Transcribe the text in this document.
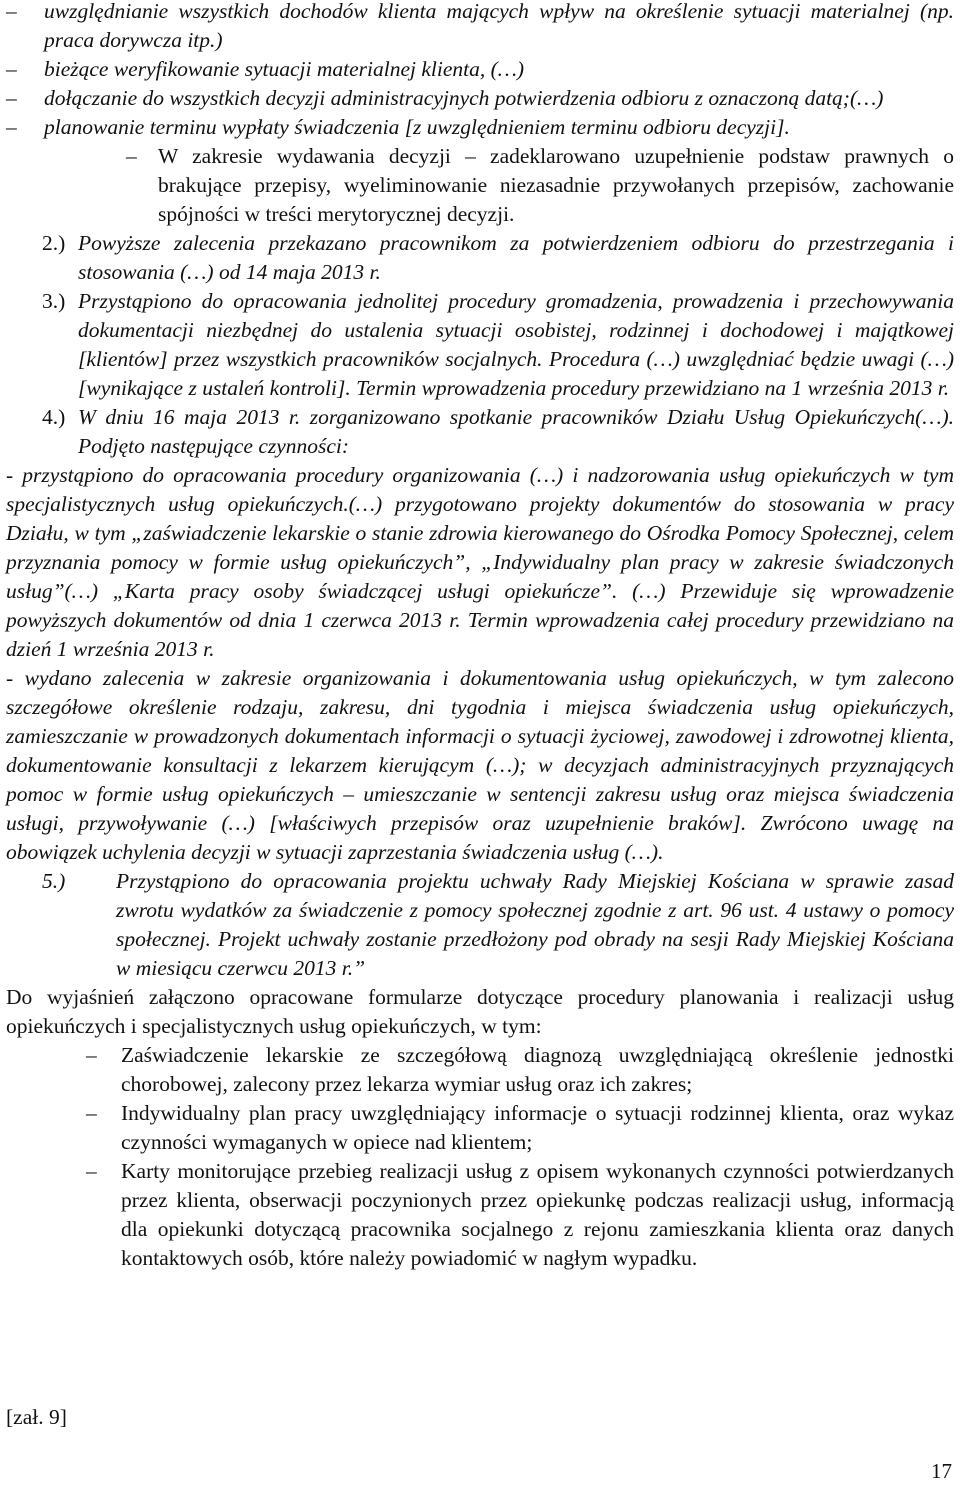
– uwzględnianie wszystkich dochodów klienta mających wpływ na określenie sytuacji materialnej (np. praca dorywcza itp.)

– bieżące weryfikowanie sytuacji materialnej klienta, (…)

– dołączanie do wszystkich decyzji administracyjnych potwierdzenia odbioru z oznaczoną datą;(…)

– planowanie terminu wypłaty świadczenia [z uwzględnieniem terminu odbioru decyzji].

– W zakresie wydawania decyzji – zadeklarowano uzupełnienie podstaw prawnych o brakujące przepisy, wyeliminowanie niezasadnie przywołanych przepisów, zachowanie spójności w treści merytorycznej decyzji.

2.) Powyższe zalecenia przekazano pracownikom za potwierdzeniem odbioru do przestrzegania i stosowania (…) od 14 maja 2013 r.

3.) Przystąpiono do opracowania jednolitej procedury gromadzenia, prowadzenia i przechowywania dokumentacji niezbędnej do ustalenia sytuacji osobistej, rodzinnej i dochodowej i majątkowej [klientów] przez wszystkich pracowników socjalnych. Procedura (…) uwzględniać będzie uwagi (…) [wynikające z ustaleń kontroli]. Termin wprowadzenia procedury przewidziano na 1 września 2013 r.

4.) W dniu 16 maja 2013 r. zorganizowano spotkanie pracowników Działu Usług Opiekuńczych(…). Podjęto następujące czynności:

- przystąpiono do opracowania procedury organizowania (…) i nadzorowania usług opiekuńczych w tym specjalistycznych usług opiekuńczych.(…) przygotowano projekty dokumentów do stosowania w pracy Działu, w tym „zaświadczenie lekarskie o stanie zdrowia kierowanego do Ośrodka Pomocy Społecznej, celem przyznania pomocy w formie usług opiekuńczych”, „Indywidualny plan pracy w zakresie świadczonych usług”(…) „Karta pracy osoby świadczącej usługi opiekuńcze”. (…) Przewiduje się wprowadzenie powyższych dokumentów od dnia 1 czerwca 2013 r. Termin wprowadzenia całej procedury przewidziano na dzień 1 września 2013 r.

- wydano zalecenia w zakresie organizowania i dokumentowania usług opiekuńczych, w tym zalecono szczegółowe określenie rodzaju, zakresu, dni tygodnia i miejsca świadczenia usług opiekuńczych, zamieszczanie w prowadzonych dokumentach informacji o sytuacji życiowej, zawodowej i zdrowotnej klienta, dokumentowanie konsultacji z lekarzem kierującym (…); w decyzjach administracyjnych przyznających pomoc w formie usług opiekuńczych – umieszczanie w sentencji zakresu usług oraz miejsca świadczenia usługi, przywoływanie (…) [właściwych przepisów oraz uzupełnienie braków]. Zwrócono uwagę na obowiązek uchylenia decyzji w sytuacji zaprzestania świadczenia usług (…).

5.) Przystąpiono do opracowania projektu uchwały Rady Miejskiej Kościana w sprawie zasad zwrotu wydatków za świadczenie z pomocy społecznej zgodnie z art. 96 ust. 4 ustawy o pomocy społecznej. Projekt uchwały zostanie przedłożony pod obrady na sesji Rady Miejskiej Kościana w miesiącu czerwcu 2013 r.”

Do wyjaśnień załączono opracowane formularze dotyczące procedury planowania i realizacji usług opiekuńczych i specjalistycznych usług opiekuńczych, w tym:

– Zaświadczenie lekarskie ze szczegółową diagnozą uwzględniającą określenie jednostki chorobowej, zalecony przez lekarza wymiar usług oraz ich zakres;

– Indywidualny plan pracy uwzględniający informacje o sytuacji rodzinnej klienta, oraz wykaz czynności wymaganych w opiece nad klientem;

– Karty monitorujące przebieg realizacji usług z opisem wykonanych czynności potwierdzanych przez klienta, obserwacji poczynionych przez opiekunkę podczas realizacji usług, informacją dla opiekunki dotyczącą pracownika socjalnego z rejonu zamieszkania klienta oraz danych kontaktowych osób, które należy powiadomić w nagłym wypadku.

[zał. 9]
17
